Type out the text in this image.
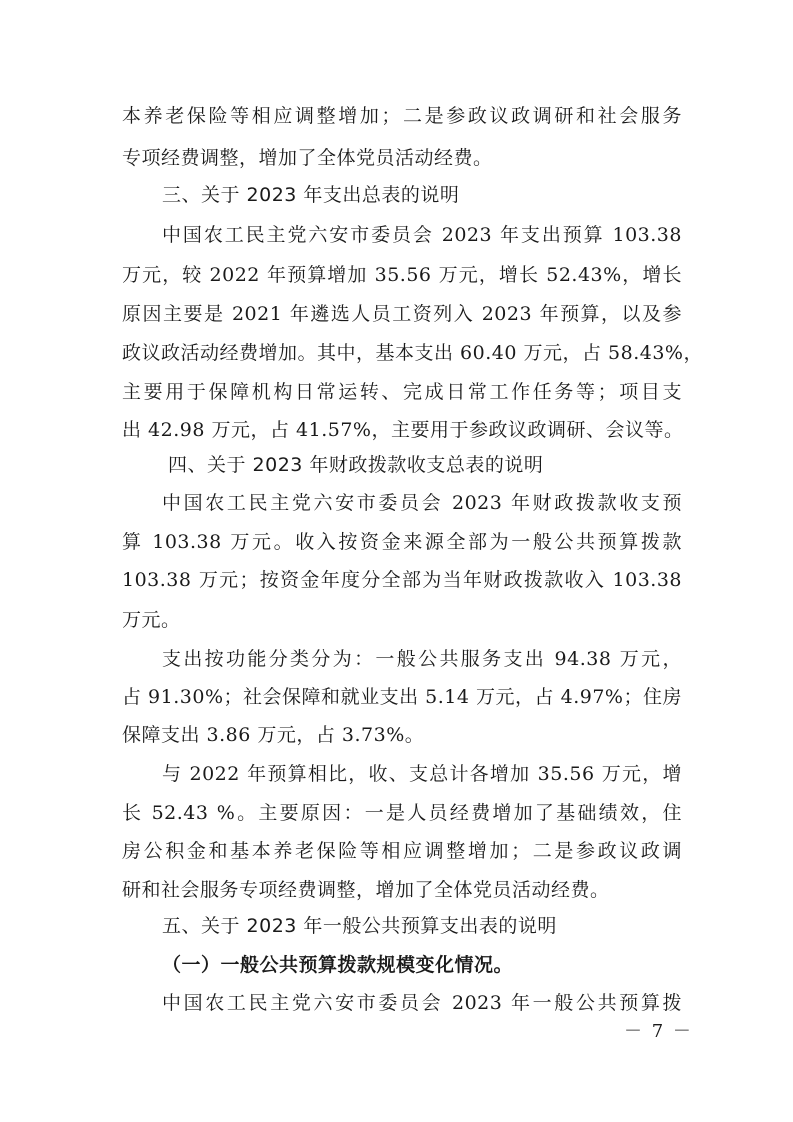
本养老保险等相应调整增加；二是参政议政调研和社会服务
专项经费调整，增加了全体党员活动经费。
三、关于 2023 年支出总表的说明
中国农工民主党六安市委员会 2023 年支出预算 103.38
万元，较 2022 年预算增加 35.56 万元，增长 52.43%，增长
原因主要是 2021 年遴选人员工资列入 2023 年预算，以及参
政议政活动经费增加。其中，基本支出 60.40 万元，占 58.43%，
主要用于保障机构日常运转、完成日常工作任务等；项目支
出 42.98 万元，占 41.57%，主要用于参政议政调研、会议等。
四、关于 2023 年财政拨款收支总表的说明
中国农工民主党六安市委员会 2023 年财政拨款收支预
算 103.38 万元。收入按资金来源全部为一般公共预算拨款
103.38 万元；按资金年度分全部为当年财政拨款收入 103.38
万元。
支出按功能分类分为：一般公共服务支出 94.38 万元，
占 91.30%；社会保障和就业支出 5.14 万元，占 4.97%；住房
保障支出 3.86 万元，占 3.73%。
与 2022 年预算相比，收、支总计各增加 35.56 万元，增
长 52.43 %。主要原因：一是人员经费增加了基础绩效，住
房公积金和基本养老保险等相应调整增加；二是参政议政调
研和社会服务专项经费调整，增加了全体党员活动经费。
五、关于 2023 年一般公共预算支出表的说明
（一）一般公共预算拨款规模变化情况。
中国农工民主党六安市委员会 2023 年一般公共预算拨
－ 7 －
